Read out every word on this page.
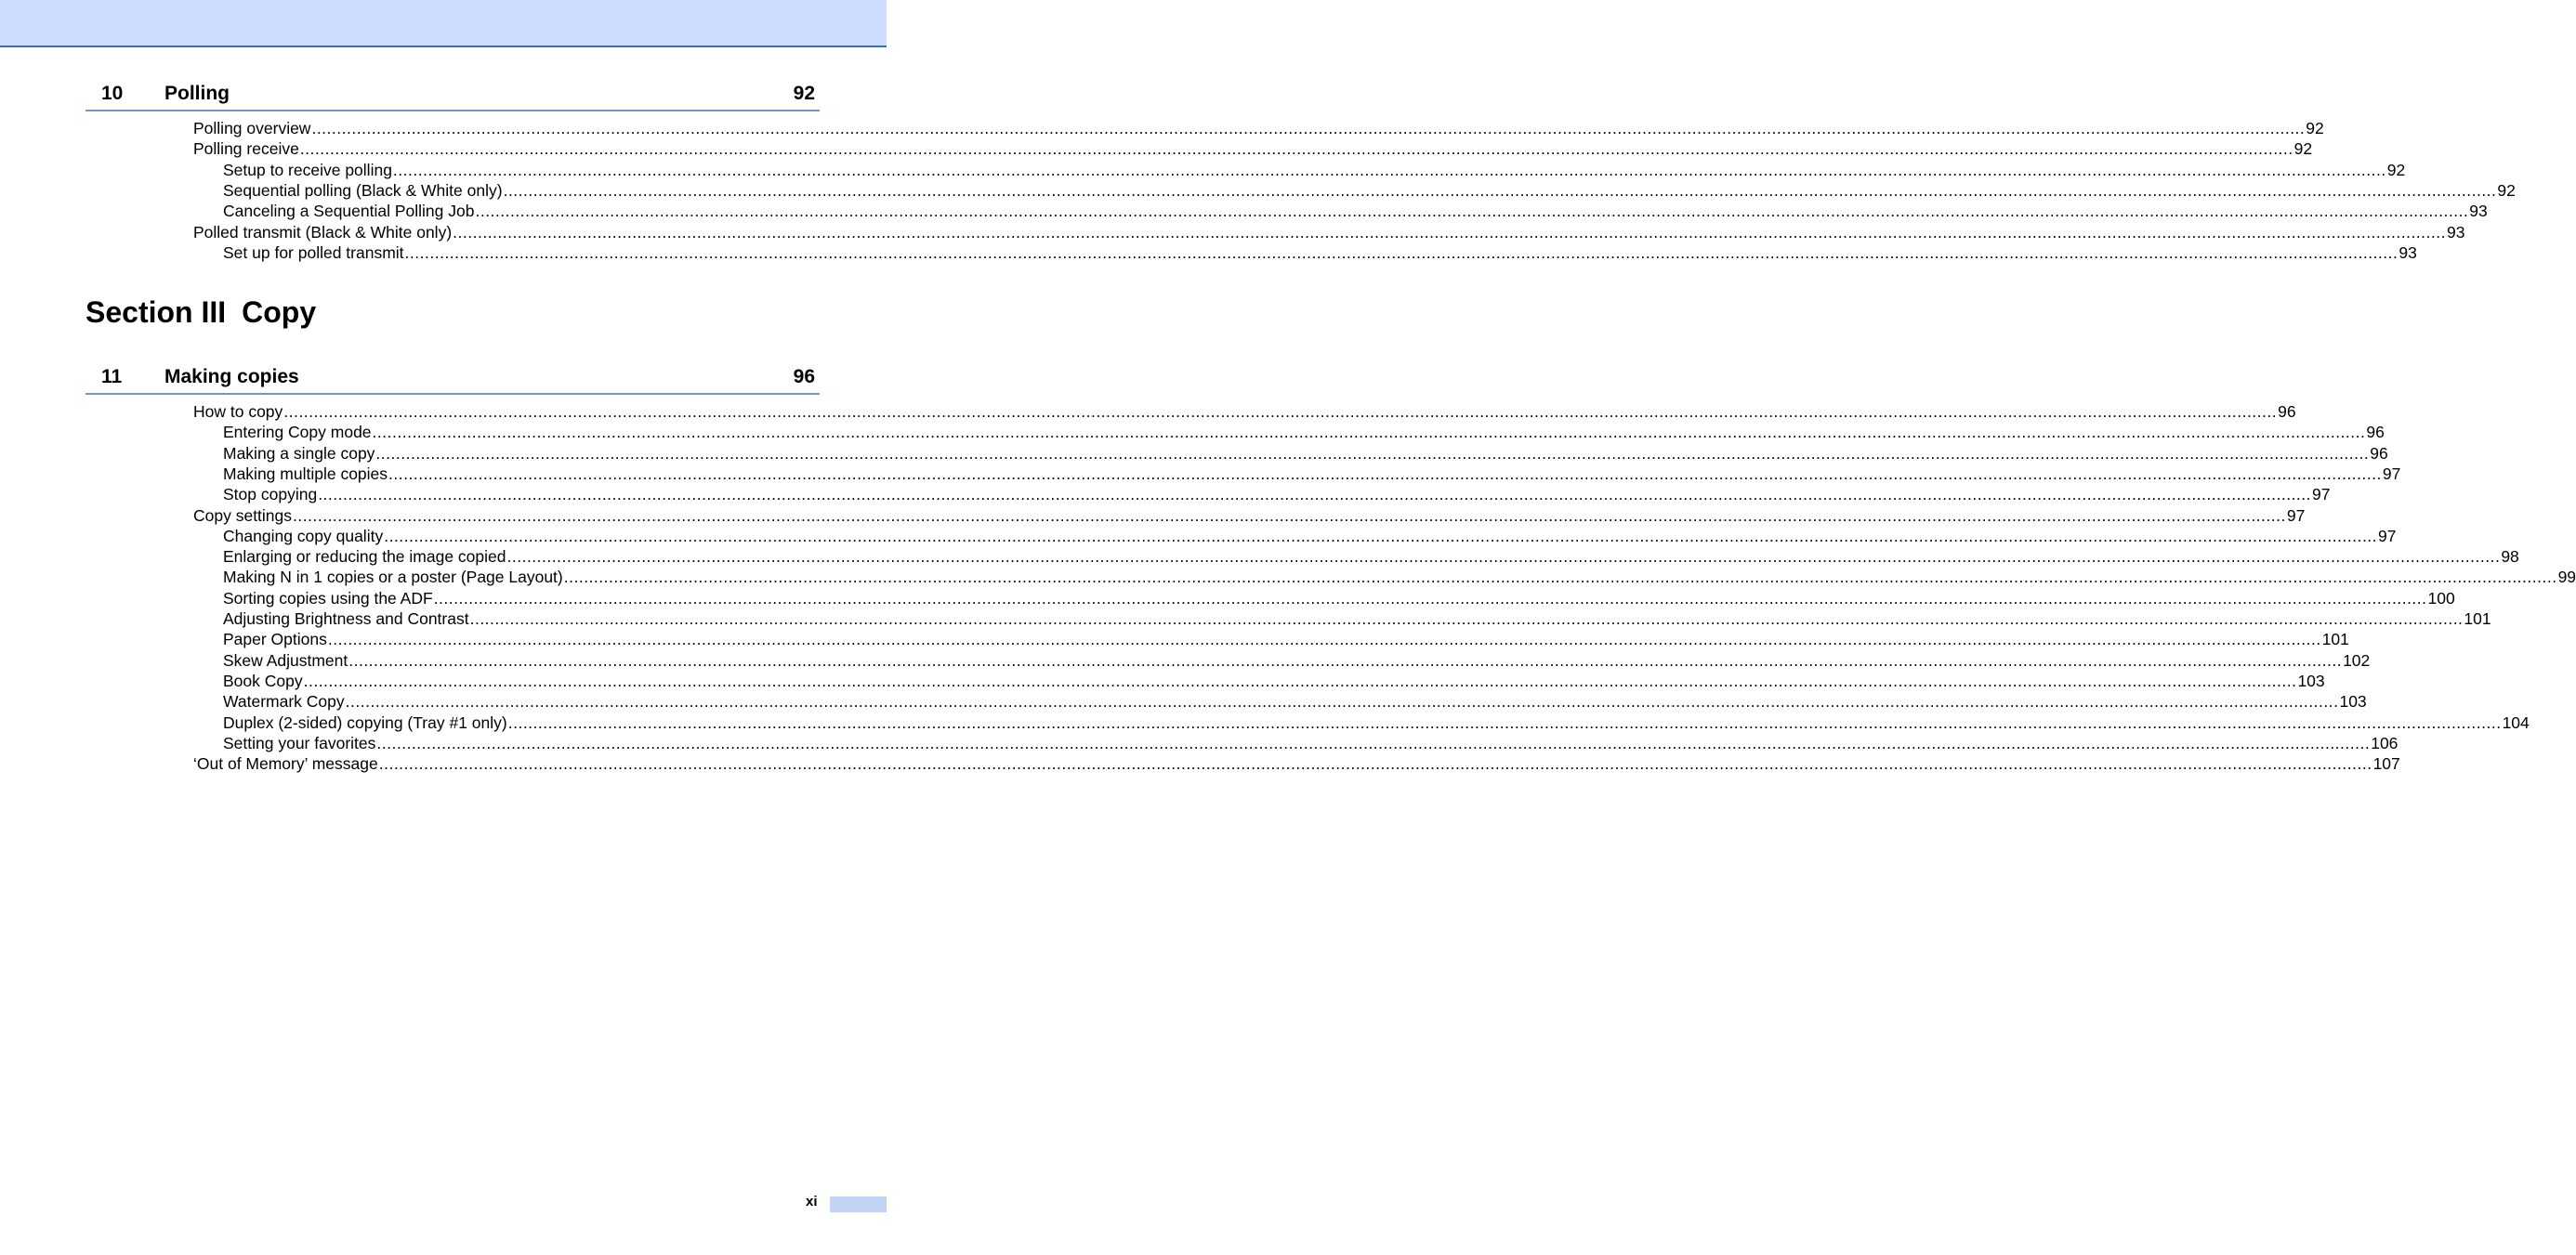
10 Polling	92
Polling overview ................................................................................................................................................................................................................................................................................................................................................................................................................ 92
Polling receive ................................................................................................................................................................................................................................................................................................................................................................................................................ 92
Setup to receive polling ................................................................................................................................................................................................................................................................................................................................................................................................................ 92
Sequential polling (Black & White only) ................................................................................................................................................................................................................................................................................................................................................................................................................ 92
Canceling a Sequential Polling Job ................................................................................................................................................................................................................................................................................................................................................................................................................ 93
Polled transmit (Black & White only) ................................................................................................................................................................................................................................................................................................................................................................................................................ 93
Set up for polled transmit ................................................................................................................................................................................................................................................................................................................................................................................................................ 93
Section III Copy
11 Making copies	96
How to copy ................................................................................................................................................................................................................................................................................................................................................................................................................ 96
Entering Copy mode ................................................................................................................................................................................................................................................................................................................................................................................................................ 96
Making a single copy ................................................................................................................................................................................................................................................................................................................................................................................................................ 96
Making multiple copies ................................................................................................................................................................................................................................................................................................................................................................................................................ 97
Stop copying ................................................................................................................................................................................................................................................................................................................................................................................................................ 97
Copy settings ................................................................................................................................................................................................................................................................................................................................................................................................................ 97
Changing copy quality ................................................................................................................................................................................................................................................................................................................................................................................................................ 97
Enlarging or reducing the image copied ................................................................................................................................................................................................................................................................................................................................................................................................................ 98
Making N in 1 copies or a poster (Page Layout) ................................................................................................................................................................................................................................................................................................................................................................................................................ 99
Sorting copies using the ADF ................................................................................................................................................................................................................................................................................................................................................................................................................ 100
Adjusting Brightness and Contrast ................................................................................................................................................................................................................................................................................................................................................................................................................ 101
Paper Options ................................................................................................................................................................................................................................................................................................................................................................................................................ 101
Skew Adjustment ................................................................................................................................................................................................................................................................................................................................................................................................................ 102
Book Copy ................................................................................................................................................................................................................................................................................................................................................................................................................ 103
Watermark Copy ................................................................................................................................................................................................................................................................................................................................................................................................................ 103
Duplex (2-sided) copying (Tray #1 only) ................................................................................................................................................................................................................................................................................................................................................................................................................ 104
Setting your favorites ................................................................................................................................................................................................................................................................................................................................................................................................................ 106
‘Out of Memory’ message ................................................................................................................................................................................................................................................................................................................................................................................................................ 107
xi
